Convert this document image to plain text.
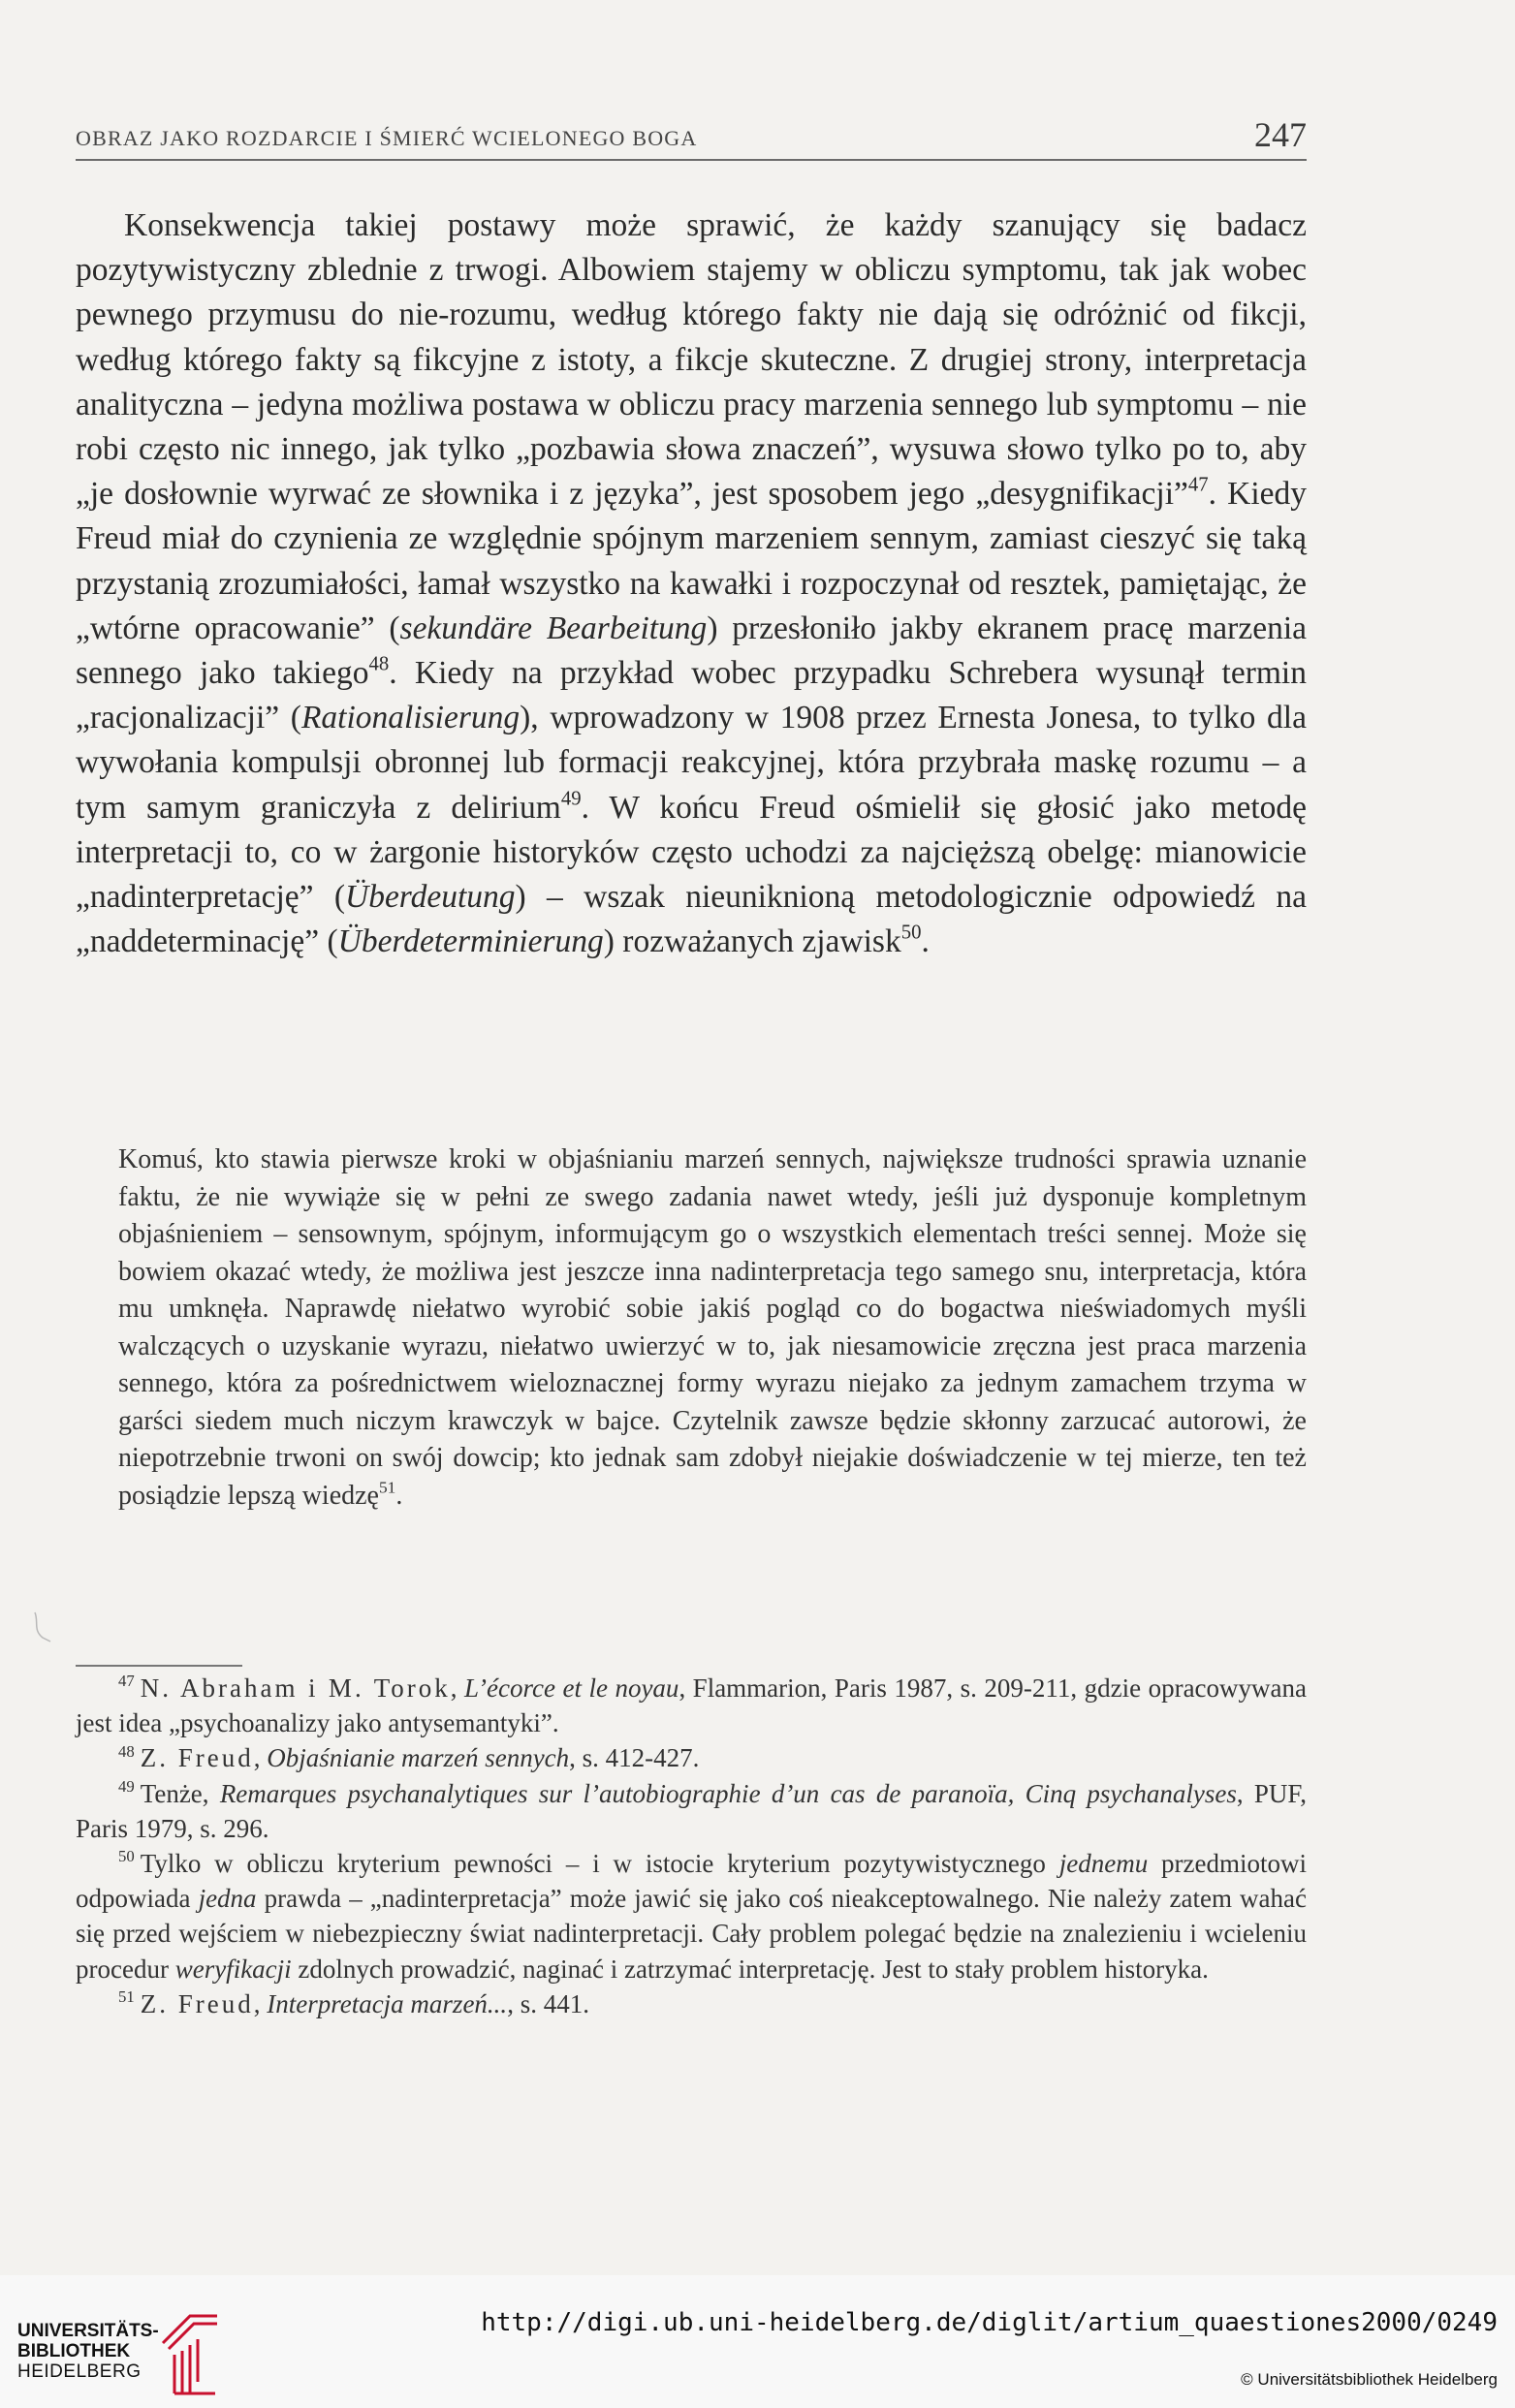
OBRAZ JAKO ROZDARCIE I ŚMIERĆ WCIELONEGO BOGA	247

Konsekwencja takiej postawy może sprawić, że każdy szanujący się badacz pozytywistyczny zblednie z trwogi. Albowiem stajemy w obliczu symptomu, tak jak wobec pewnego przymusu do nie-rozumu, według którego fakty nie dają się odróżnić od fikcji, według którego fakty są fikcyjne z istoty, a fikcje skuteczne. Z drugiej strony, interpretacja analityczna – jedyna możliwa postawa w obliczu pracy marzenia sennego lub symptomu – nie robi często nic innego, jak tylko „pozbawia słowa znaczeń”, wysuwa słowo tylko po to, aby „je dosłownie wyrwać ze słownika i z języka”, jest sposobem jego „desygnifikacji”$^{47}$. Kiedy Freud miał do czynienia ze względnie spójnym marzeniem sennym, zamiast cieszyć się taką przystanią zrozumiałości, łamał wszystko na kawałki i rozpoczynał od resztek, pamiętając, że „wtórne opracowanie” (sekundäre Bearbeitung) przesłoniło jakby ekranem pracę marzenia sennego jako takiego$^{48}$. Kiedy na przykład wobec przypadku Schrebera wysunął termin „racjonalizacji” (Rationalisierung), wprowadzony w 1908 przez Ernesta Jonesa, to tylko dla wywołania kompulsji obronnej lub formacji reakcyjnej, która przybrała maskę rozumu – a tym samym graniczyła z delirium$^{49}$. W końcu Freud ośmielił się głosić jako metodę interpretacji to, co w żargonie historyków często uchodzi za najcięższą obelgę: mianowicie „nadinterpretację” (Überdeutung) – wszak nieuniknioną metodologicznie odpowiedź na „naddeterminację” (Überdeterminierung) rozważanych zjawisk$^{50}$.

Komuś, kto stawia pierwsze kroki w objaśnianiu marzeń sennych, największe trudności sprawia uznanie faktu, że nie wywiąże się w pełni ze swego zadania nawet wtedy, jeśli już dysponuje kompletnym objaśnieniem – sensownym, spójnym, informującym go o wszystkich elementach treści sennej. Może się bowiem okazać wtedy, że możliwa jest jeszcze inna nadinterpretacja tego samego snu, interpretacja, która mu umknęła. Naprawdę niełatwo wyrobić sobie jakiś pogląd co do bogactwa nieświadomych myśli walczących o uzyskanie wyrazu, niełatwo uwierzyć w to, jak niesamowicie zręczna jest praca marzenia sennego, która za pośrednictwem wieloznacznej formy wyrazu niejako za jednym zamachem trzyma w garści siedem much niczym krawczyk w bajce. Czytelnik zawsze będzie skłonny zarzucać autorowi, że niepotrzebnie trwoni on swój dowcip; kto jednak sam zdobył niejakie doświadczenie w tej mierze, ten też posiądzie lepszą wiedzę$^{51}$.

$^{47}$ N. Abraham i M. Torok, L’écorce et le noyau, Flammarion, Paris 1987, s. 209-211, gdzie opracowywana jest idea „psychoanalizy jako antysemantyki”.

$^{48}$ Z. Freud, Objaśnianie marzeń sennych, s. 412-427.

$^{49}$ Tenże, Remarques psychanalytiques sur l’autobiographie d’un cas de paranoïa, Cinq psychanalyses, PUF, Paris 1979, s. 296.

$^{50}$ Tylko w obliczu kryterium pewności – i w istocie kryterium pozytywistycznego jednemu przedmiotowi odpowiada jedna prawda – „nadinterpretacja” może jawić się jako coś nieakceptowalnego. Nie należy zatem wahać się przed wejściem w niebezpieczny świat nadinterpretacji. Cały problem polegać będzie na znalezieniu i wcieleniu procedur weryfikacji zdolnych prowadzić, naginać i zatrzymać interpretację. Jest to stały problem historyka.

$^{51}$ Z. Freud, Interpretacja marzeń..., s. 441.

UNIVERSITÄTS-
BIBLIOTHEK
HEIDELBERG
http://digi.ub.uni-heidelberg.de/diglit/artium_quaestiones2000/0249
© Universitätsbibliothek Heidelberg
